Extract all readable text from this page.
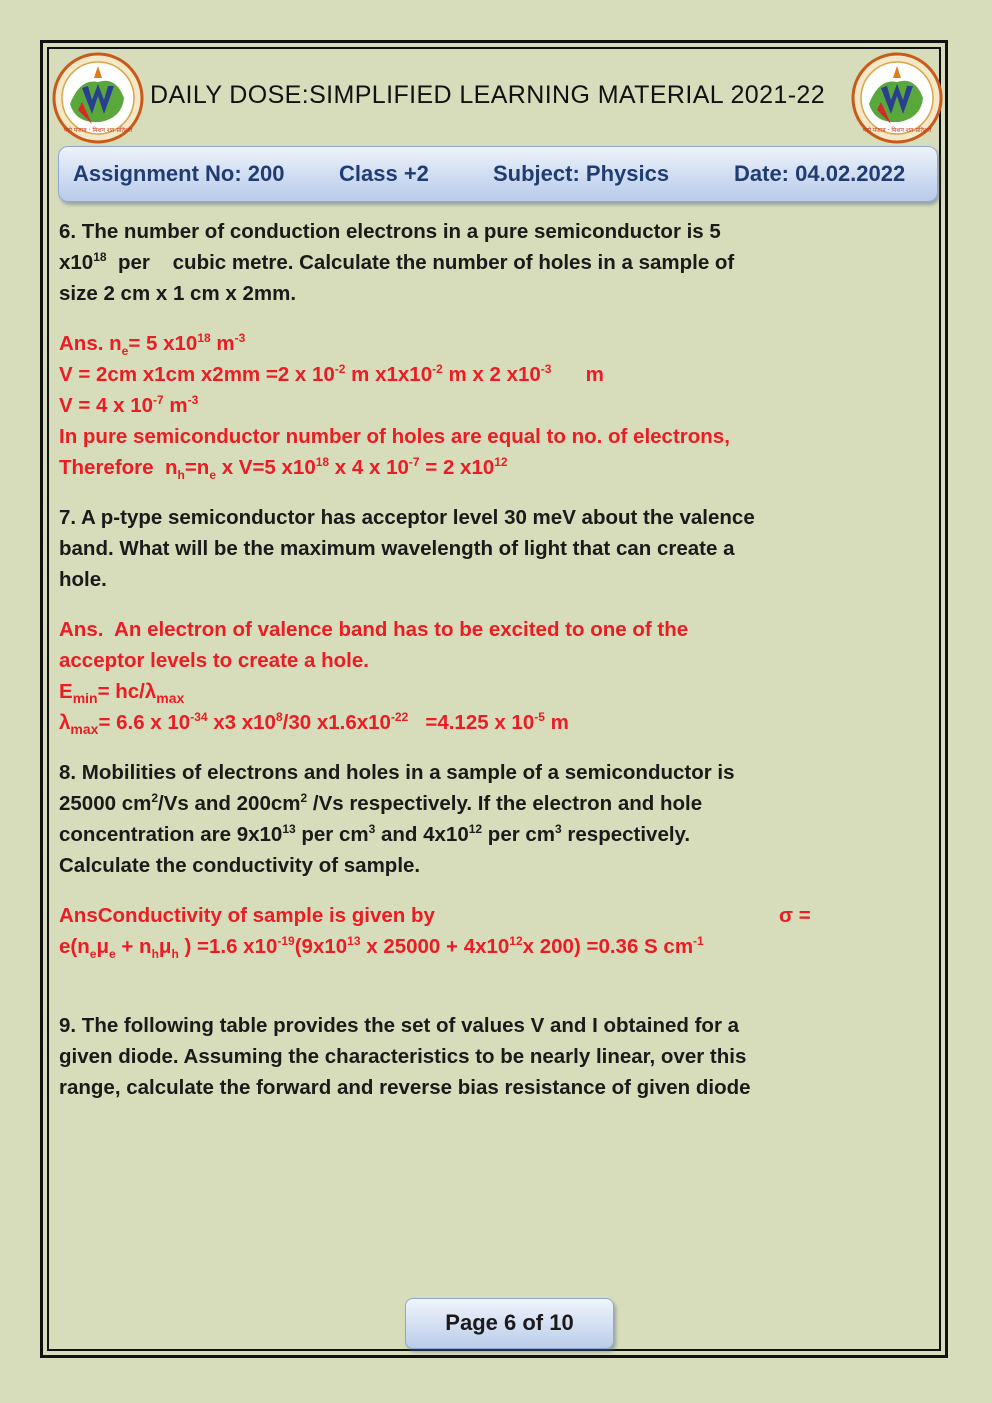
पढ़ो पंजाब · मिशन शत-प्रतिशत	पढ़ो पंजाब · मिशन शत-प्रतिशत
DAILY DOSE:SIMPLIFIED LEARNING MATERIAL 2021-22
Assignment No: 200 Class +2	Subject: Physics	Date: 04.02.2022
6. The number of conduction electrons in a pure semiconductor is 5
$x10^{18}$  per    cubic metre. Calculate the number of holes in a sample of
size 2 cm x 1 cm x 2mm.
Ans. $n_e= 5$ $x10^{18}$ $m^{-3}$
V = 2cm x1cm x2mm =2 x $10^{-2}$ m $x1x10^{-2}$ m x 2 $x10^{-3}$      m
V = 4 x $10^{-7}$ $m^{-3}$
In pure semiconductor number of holes are equal to no. of electrons,
Therefore  $n_h=n_e$ x V=5 $x10^{18}$ x 4 x $10^{-7} = 2$ $x10^{12}$
7. A p-type semiconductor has acceptor level 30 meV about the valence
band. What will be the maximum wavelength of light that can create a
hole.
Ans.  An electron of valence band has to be excited to one of the
acceptor levels to create a hole.
$E_{min}= hc/\lambda_{max}$
$\lambda_{max}= 6.6$ x $10^{-34}$ x3 $x10^8/30$ $x1.6x10^{-22} =4.125$ x $10^{-5}$ m
8. Mobilities of electrons and holes in a sample of a semiconductor is
25000 $cm^2/Vs$ and $200cm^2$ /Vs respectively. If the electron and hole
concentration are $9x10^{13}$ per $cm^3$ and $4x10^{12}$ per $cm^3$ respectively.
Calculate the conductivity of sample.
AnsConductivity of sample is given by	σ =
$e(n_e\mu_e + n_h\mu_h$ ) =1.6 $x10^{-19}(9x10^{13}$ x $25000 + 4x10^{12}x$ 200) =0.36 S $cm^{-1}$
9. The following table provides the set of values V and I obtained for a
given diode. Assuming the characteristics to be nearly linear, over this
range, calculate the forward and reverse bias resistance of given diode
Page 6 of 10
